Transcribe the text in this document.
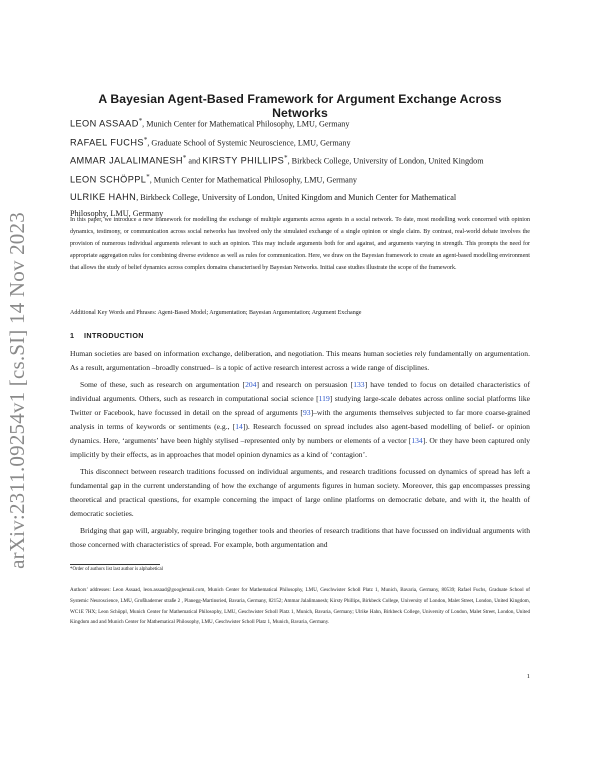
arXiv:2311.09254v1 [cs.SI] 14 Nov 2023
A Bayesian Agent-Based Framework for Argument Exchange Across Networks
LEON ASSAAD*, Munich Center for Mathematical Philosophy, LMU, Germany
RAFAEL FUCHS*, Graduate School of Systemic Neuroscience, LMU, Germany
AMMAR JALALIMANESH* and KIRSTY PHILLIPS*, Birkbeck College, University of London, United Kingdom
LEON SCHÖPPL*, Munich Center for Mathematical Philosophy, LMU, Germany
ULRIKE HAHN, Birkbeck College, University of London, United Kingdom and Munich Center for Mathematical
Philosophy, LMU, Germany
In this paper, we introduce a new framework for modelling the exchange of multiple arguments across agents in a social network. To date, most modelling work concerned with opinion dynamics, testimony, or communication across social networks has involved only the simulated exchange of a single opinion or single claim. By contrast, real-world debate involves the provision of numerous individual arguments relevant to such an opinion. This may include arguments both for and against, and arguments varying in strength. This prompts the need for appropriate aggregation rules for combining diverse evidence as well as rules for communication. Here, we draw on the Bayesian framework to create an agent-based modelling environment that allows the study of belief dynamics across complex domains characterised by Bayesian Networks. Initial case studies illustrate the scope of the framework.
Additional Key Words and Phrases: Agent-Based Model; Argumentation; Bayesian Argumentation; Argument Exchange
1 INTRODUCTION

Human societies are based on information exchange, deliberation, and negotiation. This means human societies rely fundamentally on argumentation. As a result, argumentation –broadly construed– is a topic of active research interest across a wide range of disciplines.

Some of these, such as research on argumentation [204] and research on persuasion [133] have tended to focus on detailed characteristics of individual arguments. Others, such as research in computational social science [119] studying large-scale debates across online social platforms like Twitter or Facebook, have focussed in detail on the spread of arguments [93]–with the arguments themselves subjected to far more coarse-grained analysis in terms of keywords or sentiments (e.g., [14]). Research focussed on spread includes also agent-based modelling of belief- or opinion dynamics. Here, ‘arguments’ have been highly stylised –represented only by numbers or elements of a vector [134]. Or they have been captured only implicitly by their effects, as in approaches that model opinion dynamics as a kind of ‘contagion’.

This disconnect between research traditions focussed on individual arguments, and research traditions focussed on dynamics of spread has left a fundamental gap in the current understanding of how the exchange of arguments figures in human society. Moreover, this gap encompasses pressing theoretical and practical questions, for example concerning the impact of large online platforms on democratic debate, and with it, the health of democratic societies.

Bridging that gap will, arguably, require bringing together tools and theories of research traditions that have focussed on individual arguments with those concerned with characteristics of spread. For example, both argumentation and

*Order of authors list last author is alphabetical
Authors’ addresses: Leon Assaad, leon.assaad@googlemail.com, Munich Center for Mathematical Philosophy, LMU, Geschwister Scholl Platz 1, Munich, Bavaria, Germany, 80539; Rafael Fuchs, Graduate School of Systemic Neuroscience, LMU, Großhaderner straße 2 , Planegg-Martinsried, Bavaria, Germany, 82152; Ammar Jalalimanesh; Kirsty Phillips, Birkbeck College, University of London, Malet Street, London, United Kingdom, WC1E 7HX; Leon Schöppl, Munich Center for Mathematical Philosophy, LMU, Geschwister Scholl Platz 1, Munich, Bavaria, Germany; Ulrike Hahn, Birkbeck College, University of London, Malet Street, London, United Kingdom and and Munich Center for Mathematical Philosophy, LMU, Geschwister Scholl Platz 1, Munich, Bavaria, Germany.
1
